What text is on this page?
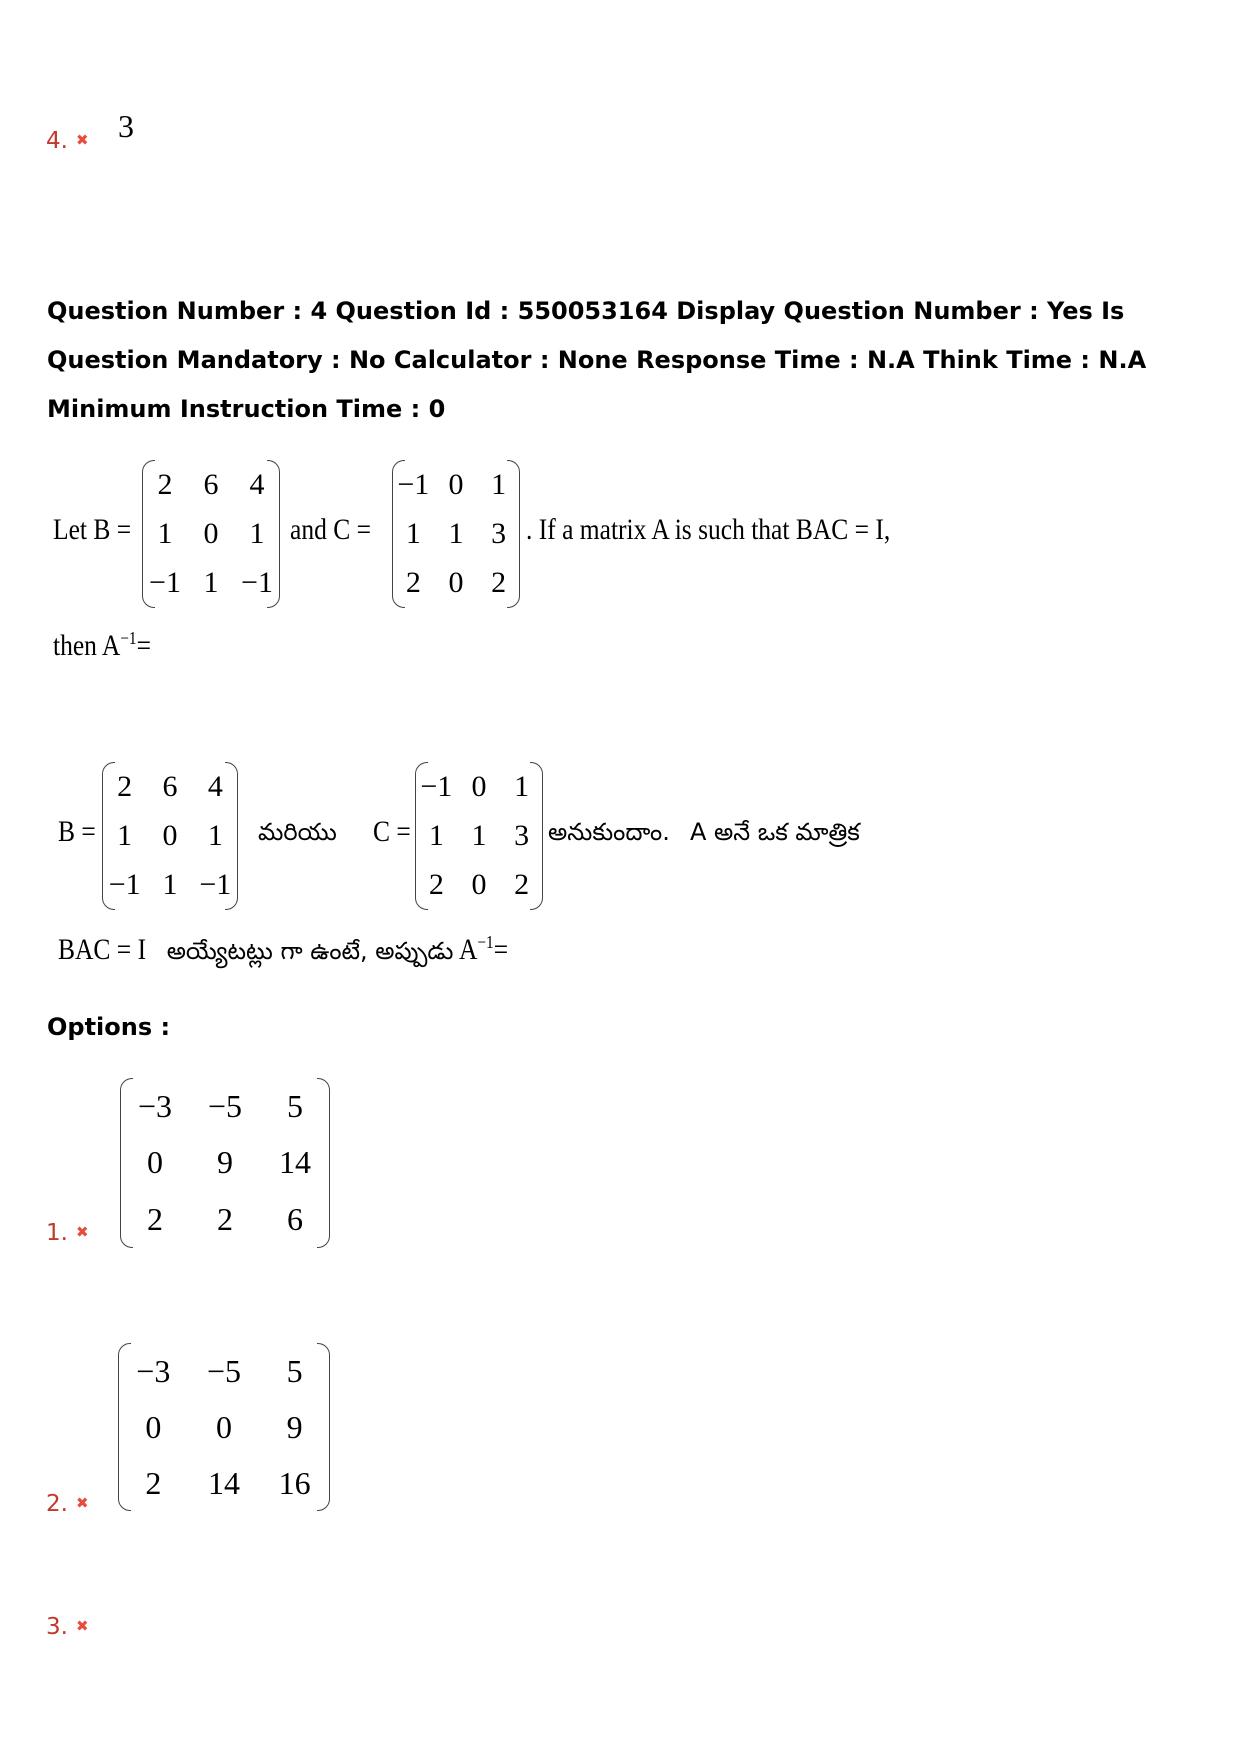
4. ✖ 3
Question Number : 4 Question Id : 550053164 Display Question Number : Yes Is Question Mandatory : No Calculator : None Response Time : N.A Think Time : N.A Minimum Instruction Time : 0
Let B =
2	6	4
1	0	1
−1 1 −1
and C =
−1 0 1
1 1 3
2 0 2
. If a matrix A is such that BAC = I,
then $A^{-1}=$
B =
2	6	4
1	0	1
−1 1 −1
మరియు C =
−1 0 1
1 1 3
2 0 2
అనుకుందాం. A అనే ఒక మాత్రిక
BAC = I అయ్యేటట్లు గా ఉంటే, అప్పుడు $A^{-1}=$
Options :
−3	−5	5
0	9	14
2	2	6
1. ✖
−3	−5	5
0	0	9
2	14	16
2. ✖
3. ✖
